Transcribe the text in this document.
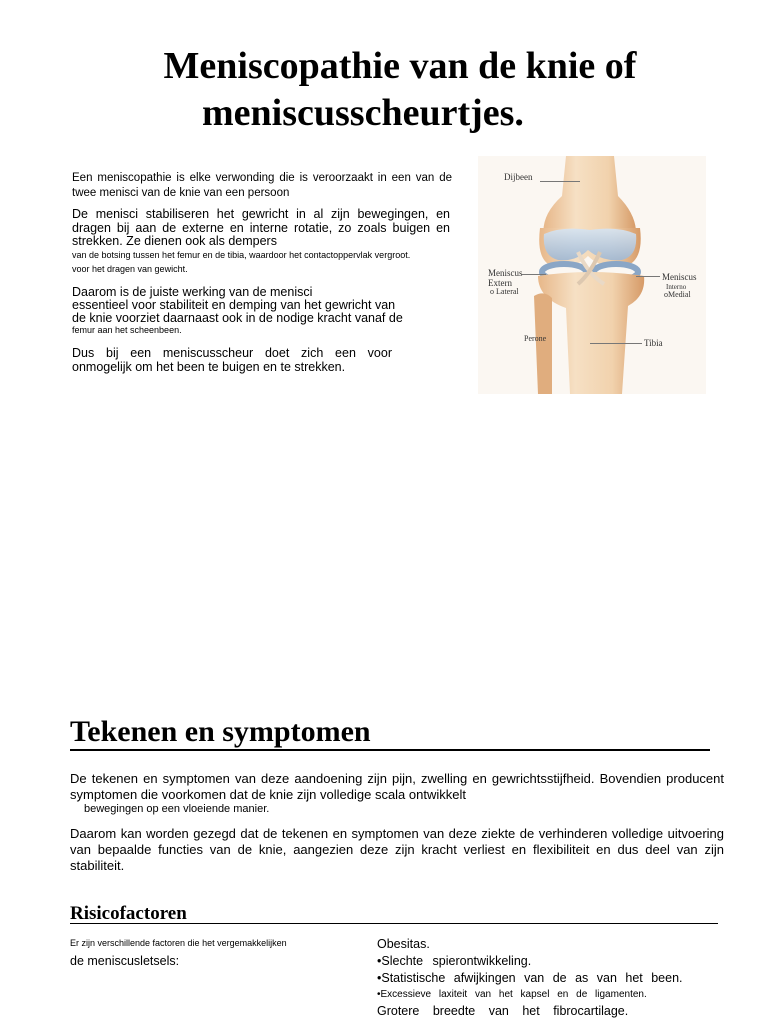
Meniscopathie van de knie of
meniscusscheurtjes.
Een meniscopathie is elke verwonding die is veroorzaakt in een van de twee menisci van de knie van een persoon
De menisci stabiliseren het gewricht in al zijn bewegingen, en dragen bij aan de externe en interne rotatie, zo zoals buigen en strekken. Ze dienen ook als dempers
van de botsing tussen het femur en de tibia, waardoor het contactoppervlak vergroot.
voor het dragen van gewicht.
Daarom is de juiste werking van de menisci
essentieel voor stabiliteit en demping van het gewricht van
de knie voorziet daarnaast ook in de nodige kracht vanaf de
femur aan het scheenbeen.
Dus bij een meniscusscheur doet zich een voor onmogelijk om het been te buigen en te strekken.
Dijbeen
Meniscus
Extern
o Lateral
Meniscus
Interno
oMedial
Perone	Tibia
Tekenen en symptomen
De tekenen en symptomen van deze aandoening zijn pijn, zwelling en gewrichtsstijfheid. Bovendien producent symptomen die voorkomen dat de knie zijn volledige scala ontwikkelt
bewegingen op een vloeiende manier.
Daarom kan worden gezegd dat de tekenen en symptomen van deze ziekte de verhinderen volledige uitvoering van bepaalde functies van de knie, aangezien deze zijn kracht verliest en flexibiliteit en dus deel van zijn stabiliteit.
Risicofactoren
Er zijn verschillende factoren die het vergemakkelijken
de meniscusletsels:
Obesitas.
•Slechte spierontwikkeling.
•Statistische afwijkingen van de as van het been.
•Excessieve laxiteit van het kapsel en de ligamenten.
Grotere breedte van het fibrocartilage.
